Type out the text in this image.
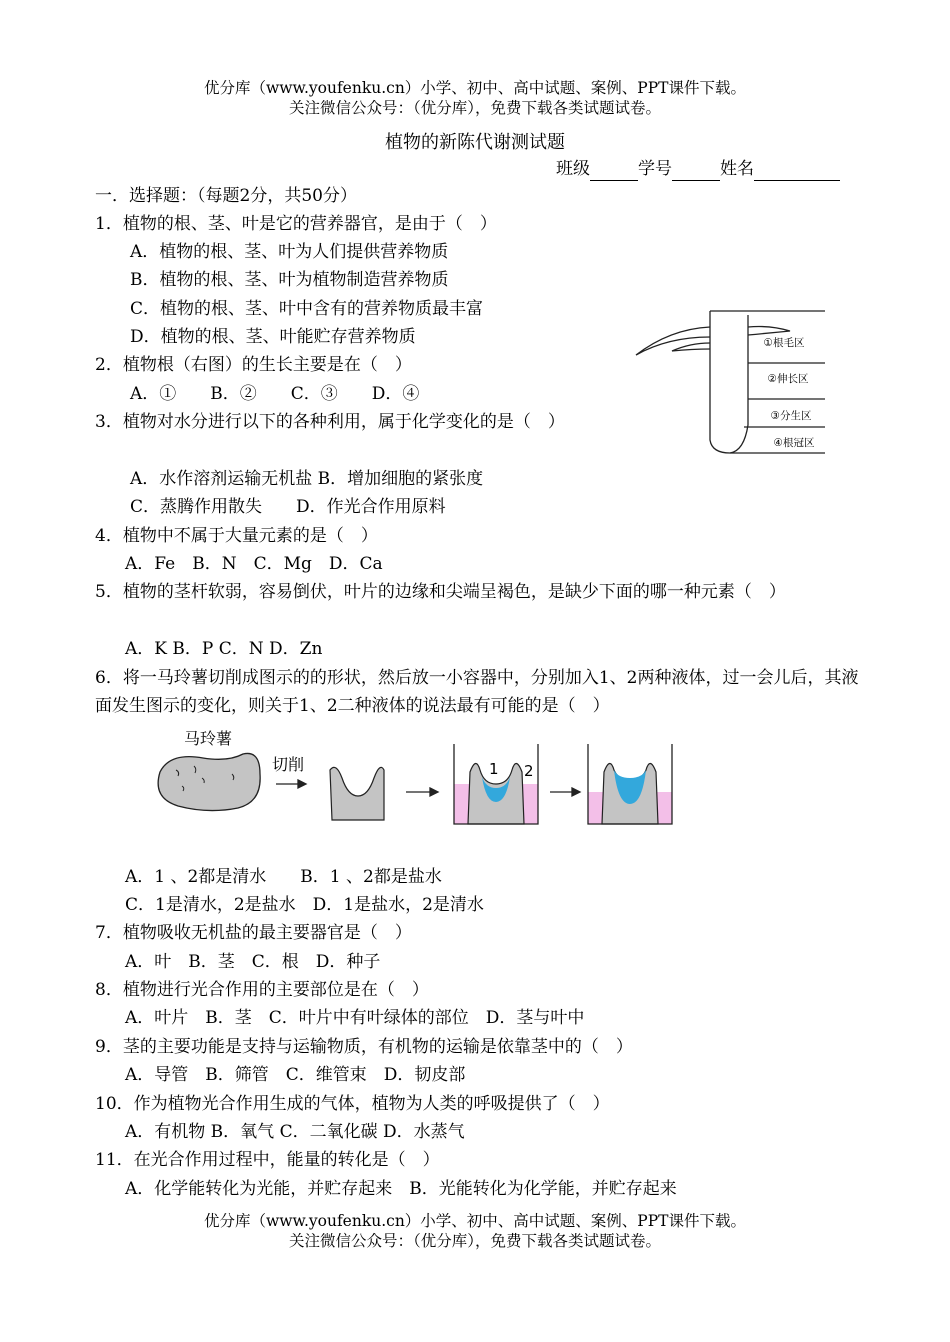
优分库（www.youfenku.cn）小学、初中、高中试题、案例、PPT课件下载。
关注微信公众号：（优分库），免费下载各类试题试卷。
植物的新陈代谢测试题
班级	学号	姓名
一．选择题：（每题2分，共50分）
1．植物的根、茎、叶是它的营养器官，是由于（　）
A．植物的根、茎、叶为人们提供营养物质
B．植物的根、茎、叶为植物制造营养物质
C．植物的根、茎、叶中含有的营养物质最丰富
D．植物的根、茎、叶能贮存营养物质
2．植物根（右图）的生长主要是在（　）
A．①　　B．②　　C．③　　D．④
3．植物对水分进行以下的各种利用，属于化学变化的是（　）
A．水作溶剂运输无机盐 B．增加细胞的紧张度
C．蒸腾作用散失　　D．作光合作用原料
4．植物中不属于大量元素的是（　）
A．Fe　B．N　C．Mg　D．Ca
5．植物的茎杆软弱，容易倒伏，叶片的边缘和尖端呈褐色，是缺少下面的哪一种元素（　）
A．K B．P C．N D．Zn
6．将一马玲薯切削成图示的的形状，然后放一小容器中，分别加入1、2两种液体，过一会儿后，其液面发生图示的变化，则关于1、2二种液体的说法最有可能的是（　）
A．1 、2都是清水　　B．1 、2都是盐水
C．1是清水，2是盐水　D．1是盐水，2是清水
7．植物吸收无机盐的最主要器官是（　）
A．叶　B．茎　C．根　D．种子
8．植物进行光合作用的主要部位是在（　）
A．叶片　B．茎　C．叶片中有叶绿体的部位　D．茎与叶中
9．茎的主要功能是支持与运输物质，有机物的运输是依靠茎中的（　）
A．导管　B．筛管　C．维管束　D．韧皮部
10．作为植物光合作用生成的气体，植物为人类的呼吸提供了（　）
A．有机物 B．氧气 C．二氧化碳 D．水蒸气
11．在光合作用过程中，能量的转化是（　）
A．化学能转化为光能，并贮存起来　B．光能转化为化学能，并贮存起来
优分库（www.youfenku.cn）小学、初中、高中试题、案例、PPT课件下载。
关注微信公众号：（优分库），免费下载各类试题试卷。
①根毛区
②伸长区
③分生区
④根冠区
马玲薯
切削	1 2
